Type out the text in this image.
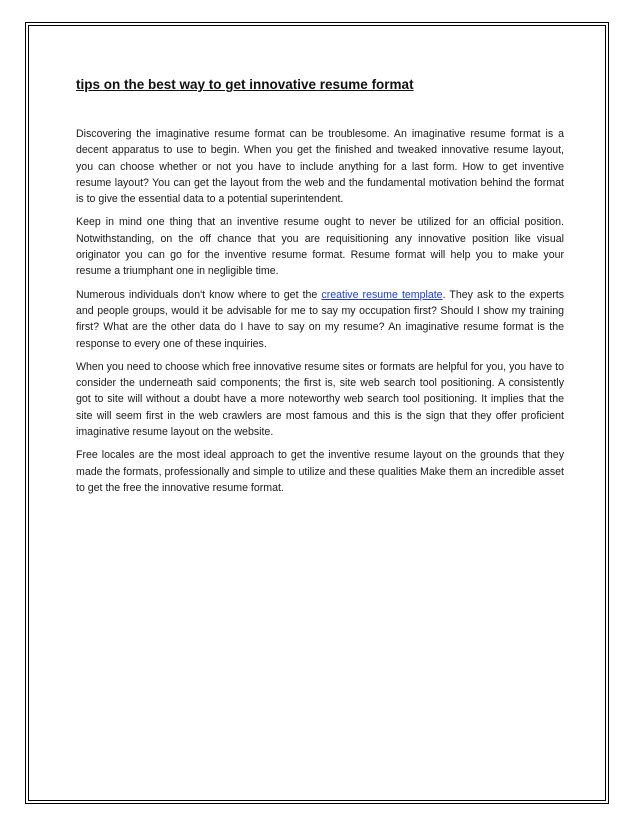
tips on the best way to get innovative resume format

Discovering the imaginative resume format can be troublesome. An imaginative resume format is a decent apparatus to use to begin. When you get the finished and tweaked innovative resume layout, you can choose whether or not you have to include anything for a last form. How to get inventive resume layout? You can get the layout from the web and the fundamental motivation behind the format is to give the essential data to a potential superintendent.

Keep in mind one thing that an inventive resume ought to never be utilized for an official position. Notwithstanding, on the off chance that you are requisitioning any innovative position like visual originator you can go for the inventive resume format. Resume format will help you to make your resume a triumphant one in negligible time.

Numerous individuals don't know where to get the creative resume template. They ask to the experts and people groups, would it be advisable for me to say my occupation first? Should I show my training first? What are the other data do I have to say on my resume? An imaginative resume format is the response to every one of these inquiries.

When you need to choose which free innovative resume sites or formats are helpful for you, you have to consider the underneath said components; the first is, site web search tool positioning. A consistently got to site will without a doubt have a more noteworthy web search tool positioning. It implies that the site will seem first in the web crawlers are most famous and this is the sign that they offer proficient imaginative resume layout on the website.

Free locales are the most ideal approach to get the inventive resume layout on the grounds that they made the formats, professionally and simple to utilize and these qualities Make them an incredible asset to get the free the innovative resume format.
